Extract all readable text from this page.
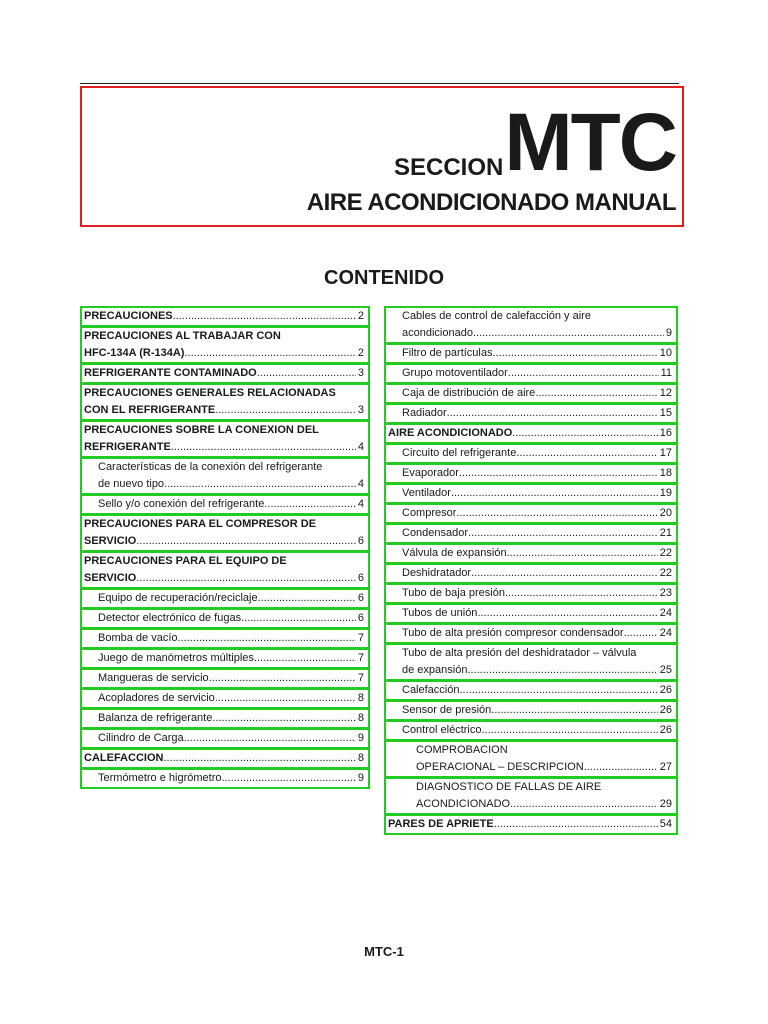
SECCION MTC
AIRE ACONDICIONADO MANUAL
CONTENIDO
PRECAUCIONES .....	2
PRECAUCIONES AL TRABAJAR CON
HFC-134A (R-134A) .....	2
REFRIGERANTE CONTAMINADO .....	3
PRECAUCIONES GENERALES RELACIONADAS
CON EL REFRIGERANTE .....	3
PRECAUCIONES SOBRE LA CONEXION DEL
REFRIGERANTE .....	4
Características de la conexión del refrigerante
de nuevo tipo .....	4
Sello y/o conexión del refrigerante .....	4
PRECAUCIONES PARA EL COMPRESOR DE
SERVICIO .....	6
PRECAUCIONES PARA EL EQUIPO DE
SERVICIO .....	6
Equipo de recuperación/reciclaje .....	6
Detector electrónico de fugas .....	6
Bomba de vacío .....	7
Juego de manómetros múltiples .....	7
Mangueras de servicio .....	7
Acopladores de servicio .....	8
Balanza de refrigerante .....	8
Cilindro de Carga .....	9
CALEFACCION .....	8
Termómetro e higrómetro .....	9
Cables de control de calefacción y aire
acondicionado .....	9
Filtro de partículas .....	10
Grupo motoventilador .....	11
Caja de distribución de aire .....	12
Radiador .....	15
AIRE ACONDICIONADO .....	16
Circuito del refrigerante .....	17
Evaporador .....	18
Ventilador .....	19
Compresor .....	20
Condensador .....	21
Válvula de expansión .....	22
Deshidratador .....	22
Tubo de baja presión .....	23
Tubos de unión .....	24
Tubo de alta presión compresor condensador .....	24
Tubo de alta presión del deshidratador – válvula
de expansión .....	25
Calefacción .....	26
Sensor de presión .....	26
Control eléctrico .....	26
COMPROBACION
OPERACIONAL – DESCRIPCION .....	27
DIAGNOSTICO DE FALLAS DE AIRE
ACONDICIONADO .....	29
PARES DE APRIETE .....	54
MTC-1
